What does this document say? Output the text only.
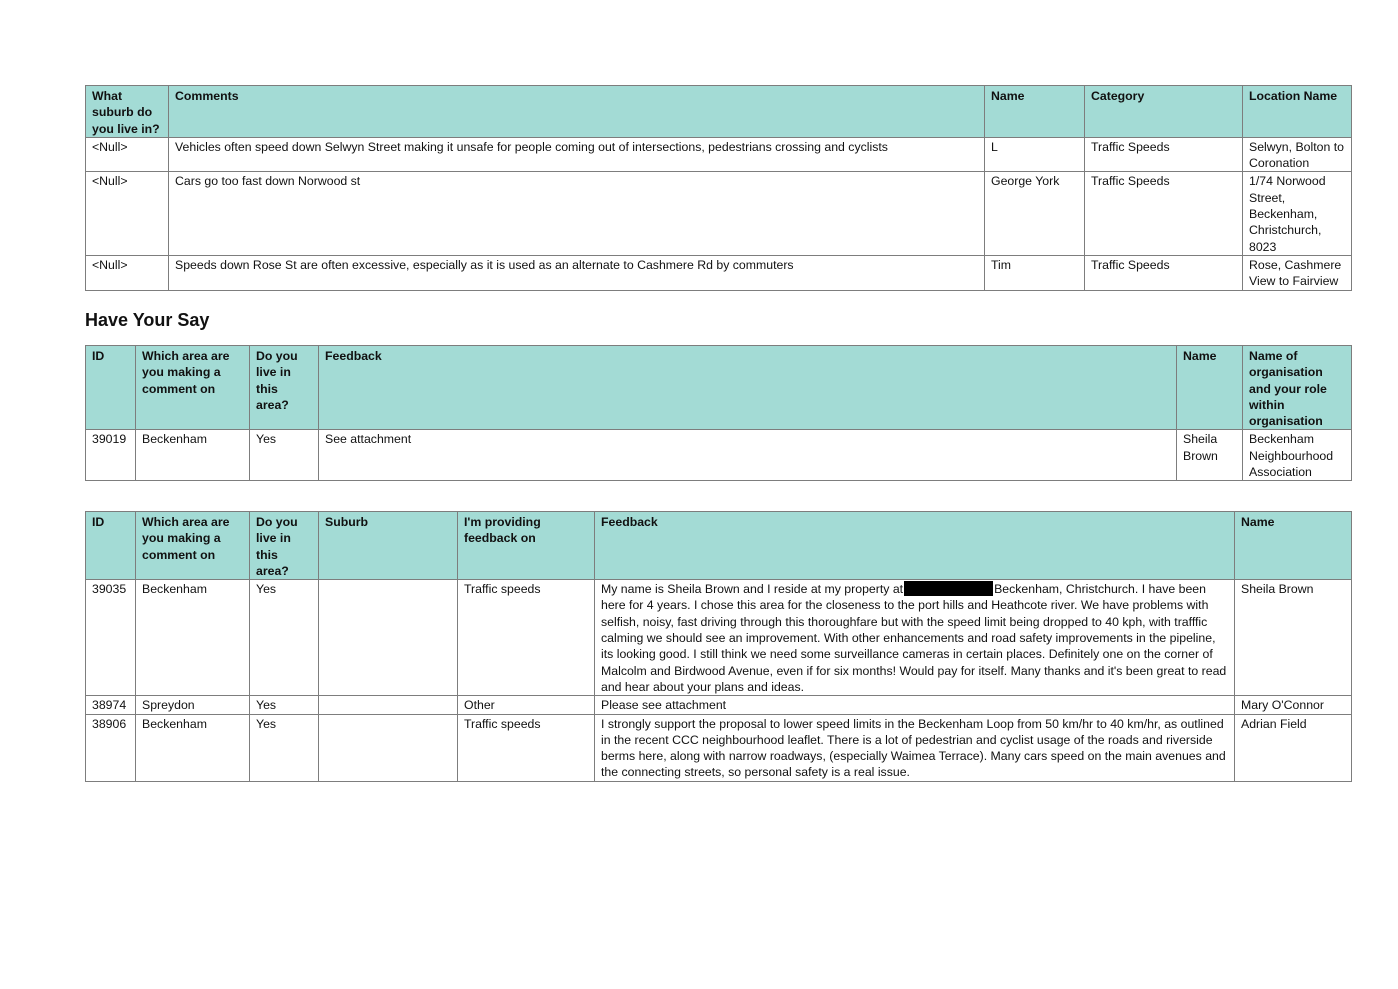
What suburb do you live in?	Comments	Name	Category	Location Name
<Null>	Vehicles often speed down Selwyn Street making it unsafe for people coming out of intersections, pedestrians crossing and cyclists	L	Traffic Speeds	Selwyn, Bolton to Coronation
<Null>	Cars go too fast down Norwood st	George York	Traffic Speeds	1/74 Norwood Street, Beckenham, Christchurch, 8023
<Null>	Speeds down Rose St are often excessive, especially as it is used as an alternate to Cashmere Rd by commuters	Tim	Traffic Speeds	Rose, Cashmere View to Fairview
Have Your Say
ID	Which area are you making a comment on	Do you live in this area?	Feedback	Name	Name of organisation and your role within organisation
39019	Beckenham	Yes	See attachment	Sheila Brown	Beckenham Neighbourhood Association
ID	Which area are you making a comment on	Do you live in this area?	Suburb	I'm providing feedback on	Feedback	Name
39035	Beckenham	Yes		Traffic speeds	My name is Sheila Brown and I reside at my property at Beckenham, Christchurch. I have been here for 4 years. I chose this area for the closeness to the port hills and Heathcote river. We have problems with selfish, noisy, fast driving through this thoroughfare but with the speed limit being dropped to 40 kph, with trafffic calming we should see an improvement. With other enhancements and road safety improvements in the pipeline, its looking good. I still think we need some surveillance cameras in certain places. Definitely one on the corner of Malcolm and Birdwood Avenue, even if for six months! Would pay for itself. Many thanks and it's been great to read and hear about your plans and ideas.	Sheila Brown
38974	Spreydon	Yes		Other	Please see attachment	Mary O'Connor
38906	Beckenham	Yes		Traffic speeds	I strongly support the proposal to lower speed limits in the Beckenham Loop from 50 km/hr to 40 km/hr, as outlined in the recent CCC neighbourhood leaflet. There is a lot of pedestrian and cyclist usage of the roads and riverside berms here, along with narrow roadways, (especially Waimea Terrace). Many cars speed on the main avenues and the connecting streets, so personal safety is a real issue.	Adrian Field
